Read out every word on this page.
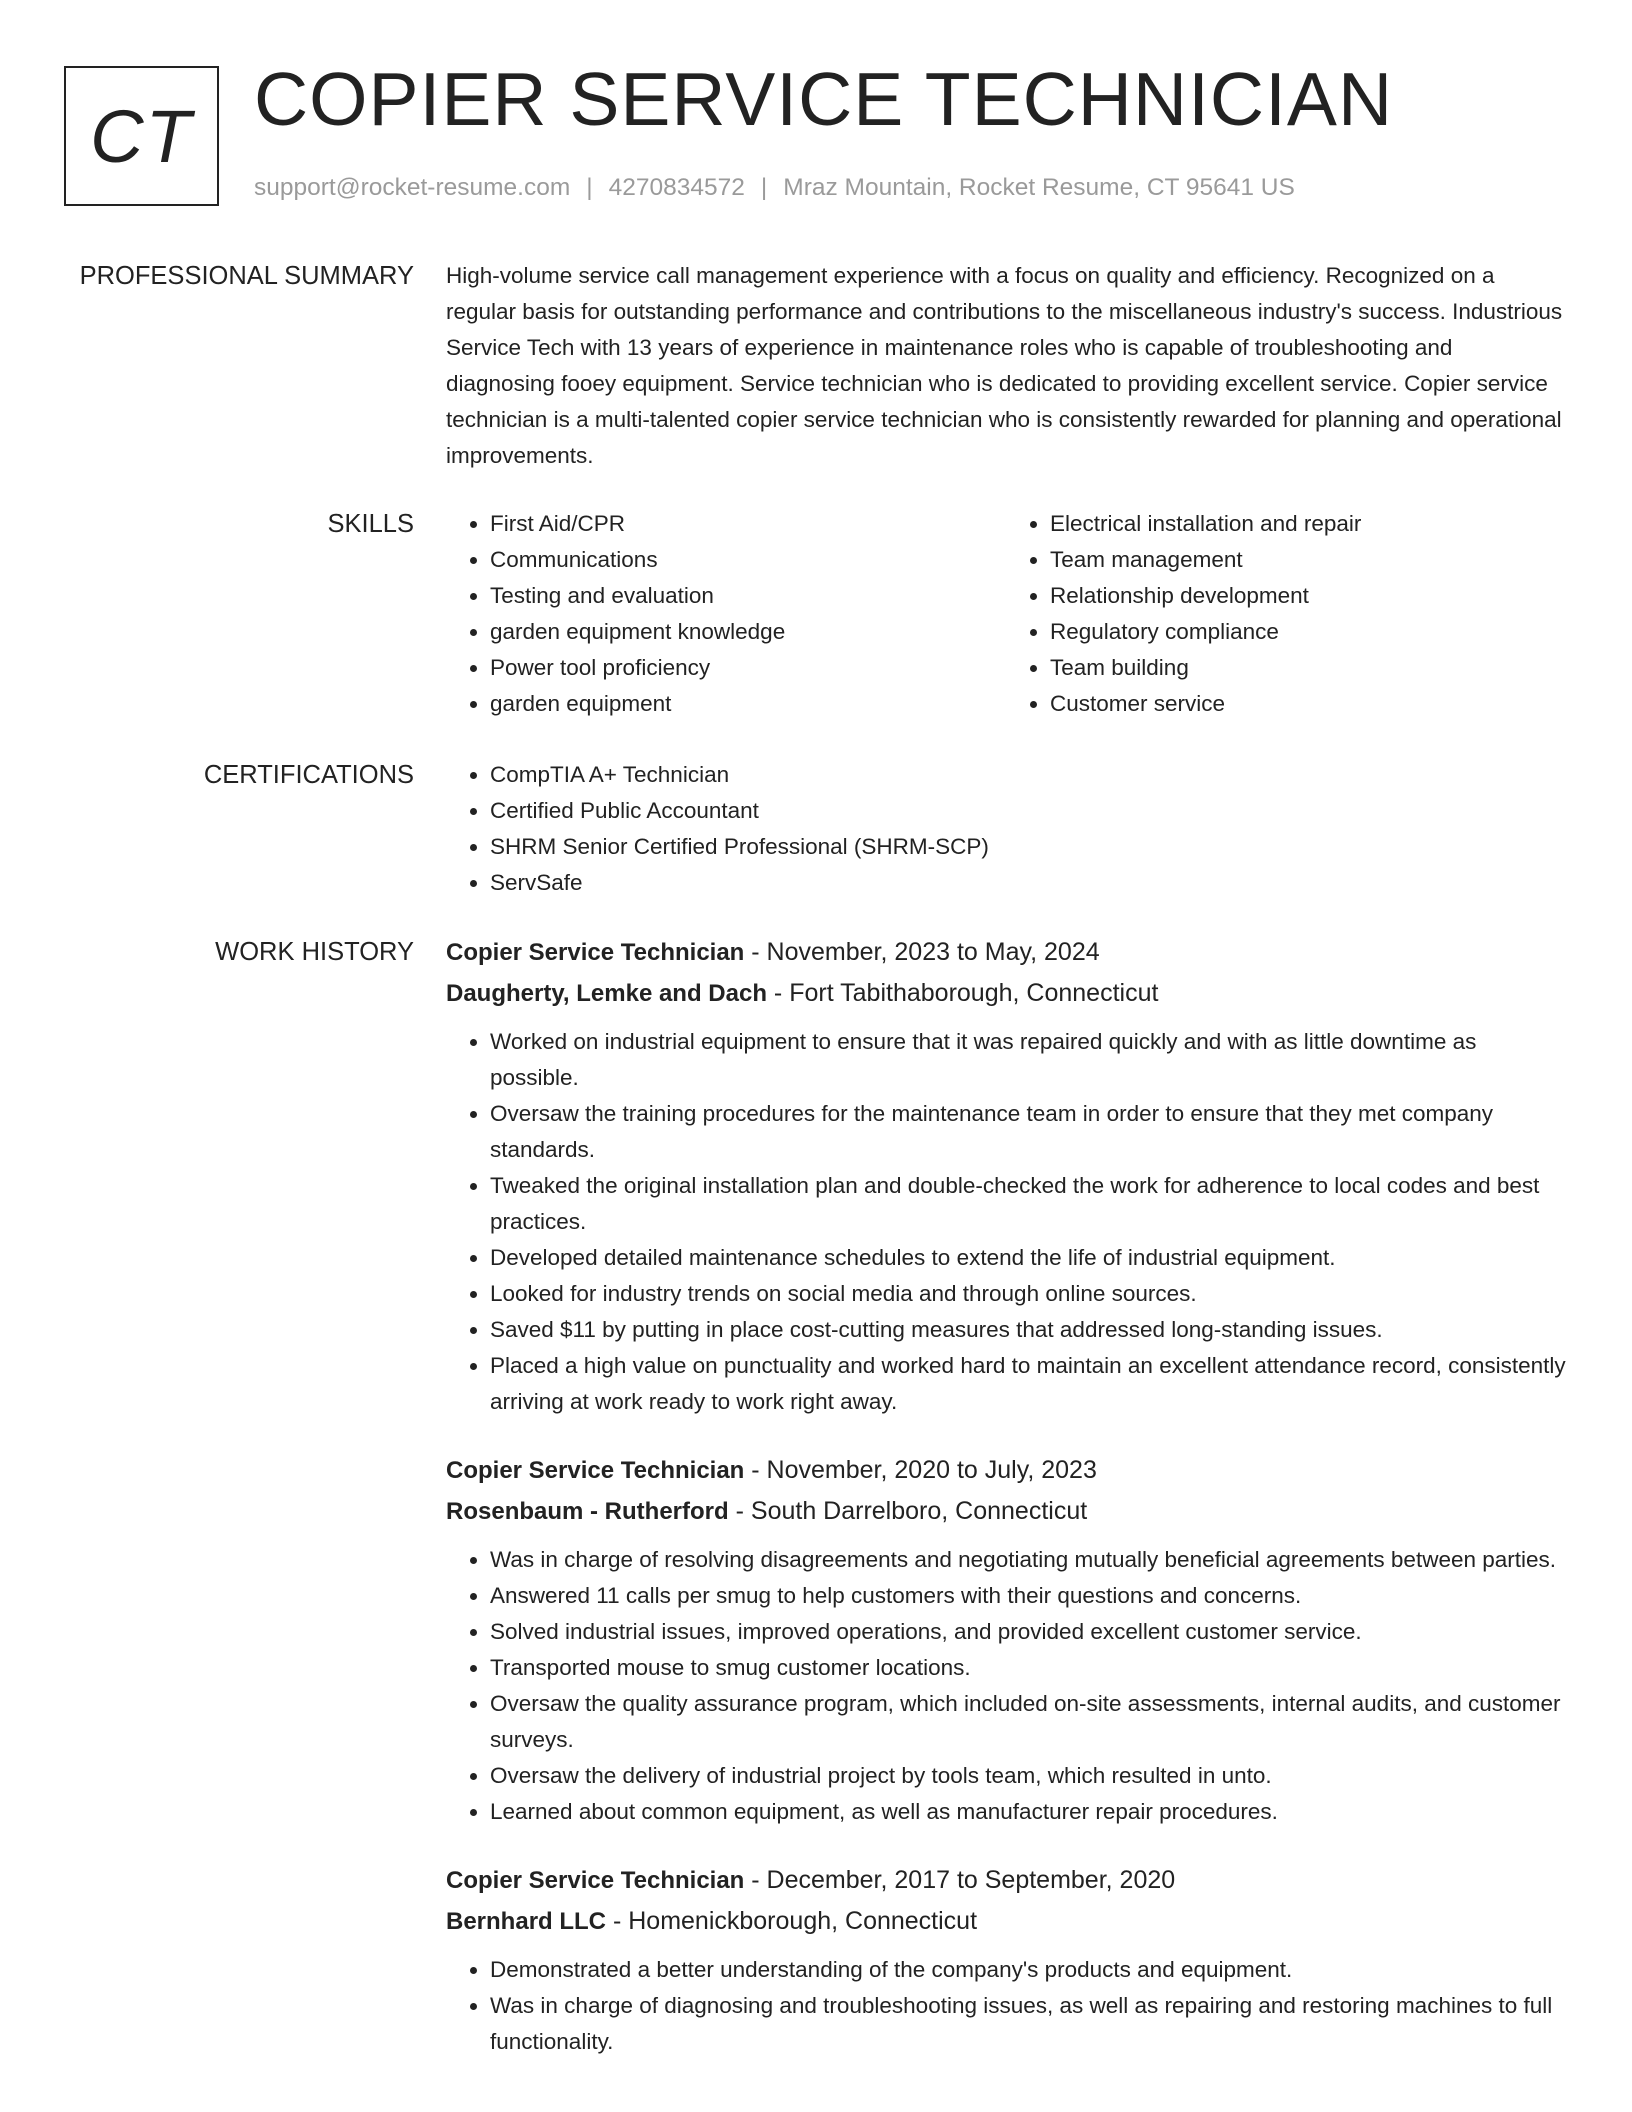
CT COPIER SERVICE TECHNICIAN
support@rocket-resume.com | 4270834572 | Mraz Mountain, Rocket Resume, CT 95641 US
PROFESSIONAL SUMMARY High-volume service call management experience with a focus on quality and efficiency. Recognized on a regular basis for outstanding performance and contributions to the miscellaneous industry's success. Industrious Service Tech with 13 years of experience in maintenance roles who is capable of troubleshooting and diagnosing fooey equipment. Service technician who is dedicated to providing excellent service. Copier service technician is a multi-talented copier service technician who is consistently rewarded for planning and operational improvements.

SKILLS	• First Aid/CPR
• Communications
• Testing and evaluation
• garden equipment knowledge
• Power tool proficiency
• garden equipment
• Electrical installation and repair
• Team management
• Relationship development
• Regulatory compliance
• Team building
• Customer service
CERTIFICATIONS	• CompTIA A+ Technician
• Certified Public Accountant
• SHRM Senior Certified Professional (SHRM-SCP)
• ServSafe
WORK HISTORY Copier Service Technician - November, 2023 to May, 2024
Daugherty, Lemke and Dach - Fort Tabithaborough, Connecticut
• Worked on industrial equipment to ensure that it was repaired quickly and with as little downtime as possible.
• Oversaw the training procedures for the maintenance team in order to ensure that they met company standards.
• Tweaked the original installation plan and double-checked the work for adherence to local codes and best practices.
• Developed detailed maintenance schedules to extend the life of industrial equipment.
• Looked for industry trends on social media and through online sources.
• Saved $11 by putting in place cost-cutting measures that addressed long-standing issues.
• Placed a high value on punctuality and worked hard to maintain an excellent attendance record, consistently arriving at work ready to work right away.
Copier Service Technician - November, 2020 to July, 2023
Rosenbaum - Rutherford - South Darrelboro, Connecticut
• Was in charge of resolving disagreements and negotiating mutually beneficial agreements between parties.
• Answered 11 calls per smug to help customers with their questions and concerns.
• Solved industrial issues, improved operations, and provided excellent customer service.
• Transported mouse to smug customer locations.
• Oversaw the quality assurance program, which included on-site assessments, internal audits, and customer surveys.
• Oversaw the delivery of industrial project by tools team, which resulted in unto.
• Learned about common equipment, as well as manufacturer repair procedures.
Copier Service Technician - December, 2017 to September, 2020
Bernhard LLC - Homenickborough, Connecticut
• Demonstrated a better understanding of the company's products and equipment.
• Was in charge of diagnosing and troubleshooting issues, as well as repairing and restoring machines to full functionality.
